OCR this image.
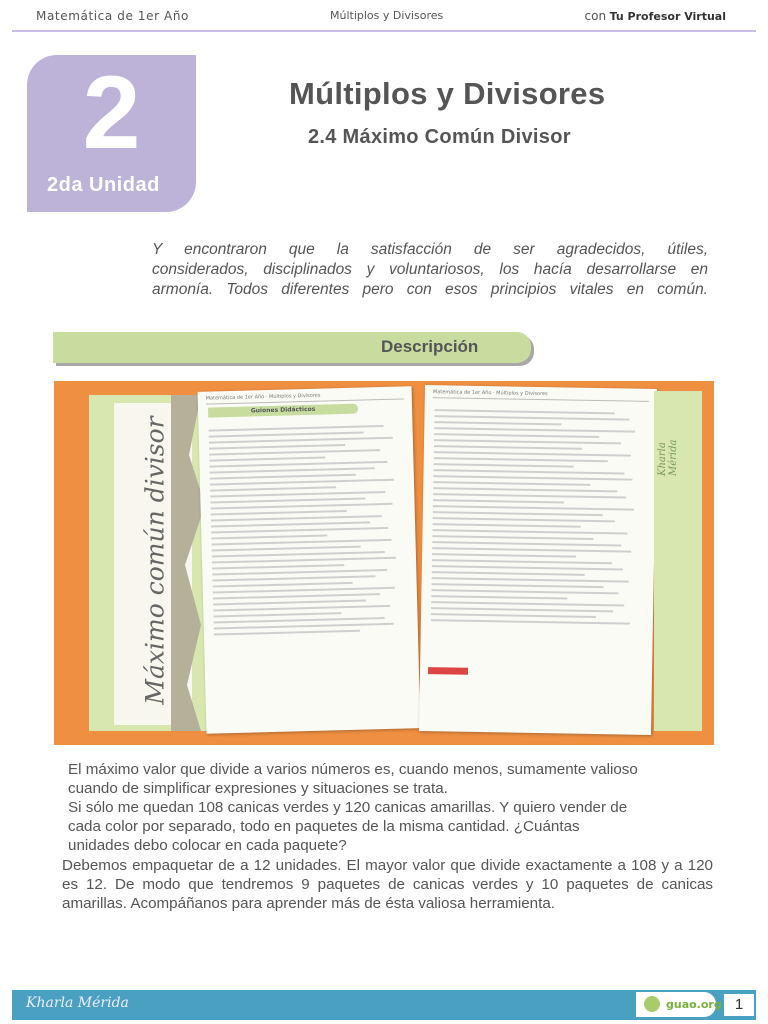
Matemática de 1er Año	Múltiplos y Divisores	con Tu Profesor Virtual
2
2da Unidad
Múltiplos y Divisores
2.4 Máximo Común Divisor
Y encontraron que la satisfacción de ser agradecidos, útiles,
considerados, disciplinados y voluntariosos, los hacía desarrollarse en
armonía. Todos diferentes pero con esos principios vitales en común.
Descripción
Máximo común divisor
Matemática de 1er Año · Múltiplos y Divisores
Guiones Didácticos
Matemática de 1er Año · Múltiplos y Divisores
Kharla Mérida
El máximo valor que divide a varios números es, cuando menos, sumamente valioso
cuando de simplificar expresiones y situaciones se trata.
Si sólo me quedan 108 canicas verdes y 120 canicas amarillas. Y quiero vender de
cada color por separado, todo en paquetes de la misma cantidad. ¿Cuántas
unidades debo colocar en cada paquete?
Debemos empaquetar de a 12 unidades. El mayor valor que divide exactamente a 108 y a 120 es 12. De modo que tendremos 9 paquetes de canicas verdes y 10 paquetes de canicas amarillas. Acompáñanos para aprender más de ésta valiosa herramienta.
Kharla Mérida	guao.org 1
